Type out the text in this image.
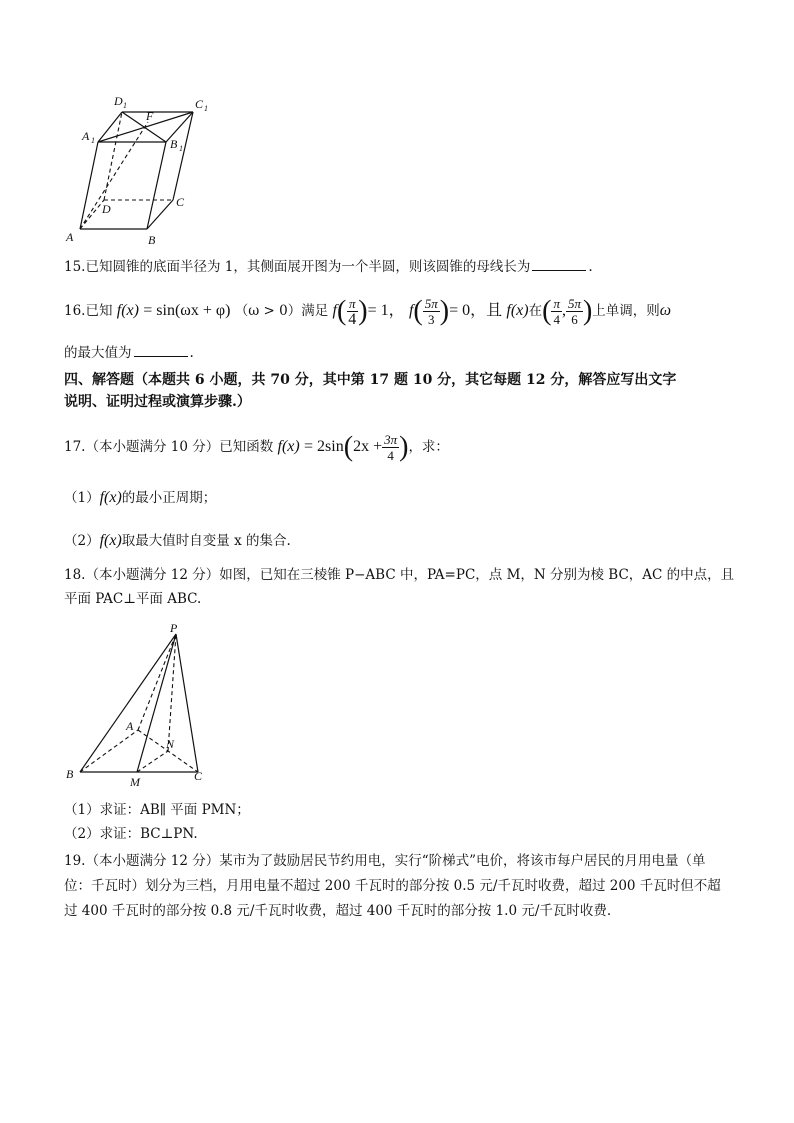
D 1	C 1
A 1	B 1
F
D	C
A	B
15.已知圆锥的底面半径为 1，其侧面展开图为一个半圆，则该圆锥的母线长为	.
16.已知 f(x) = sin(ωx + φ) （ω > 0）满足 $f( \frac{\pi}{4}$ )= 1， $f( \frac{5\pi}{3}$ )= 0，且 f(x)在( $\frac{\pi}{4}$ , $\frac{5\pi}{6}$ )上单调，则ω
的最大值为	.
四、解答题（本题共 6 小题，共 70 分，其中第 17 题 10 分，其它每题 12 分，解答应写出文字
说明、证明过程或演算步骤.）
17.（本小题满分 10 分）已知函数 $f(x) = 2\sin(2x + \frac{3\pi}{4}$ )，求：
（1）f(x)的最小正周期；
（2）f(x)取最大值时自变量 x 的集合.
18.（本小题满分 12 分）如图，已知在三棱锥 P−ABC 中，PA=PC，点 M，N 分别为棱 BC，AC 的中点，且
平面 PAC⊥平面 ABC.
P
A
N
B
M	C
（1）求证：AB∥ 平面 PMN；
（2）求证：BC⊥PN.
19.（本小题满分 12 分）某市为了鼓励居民节约用电，实行“阶梯式”电价，将该市每户居民的月用电量（单
位：千瓦时）划分为三档，月用电量不超过 200 千瓦时的部分按 0.5 元/千瓦时收费，超过 200 千瓦时但不超
过 400 千瓦时的部分按 0.8 元/千瓦时收费，超过 400 千瓦时的部分按 1.0 元/千瓦时收费.
